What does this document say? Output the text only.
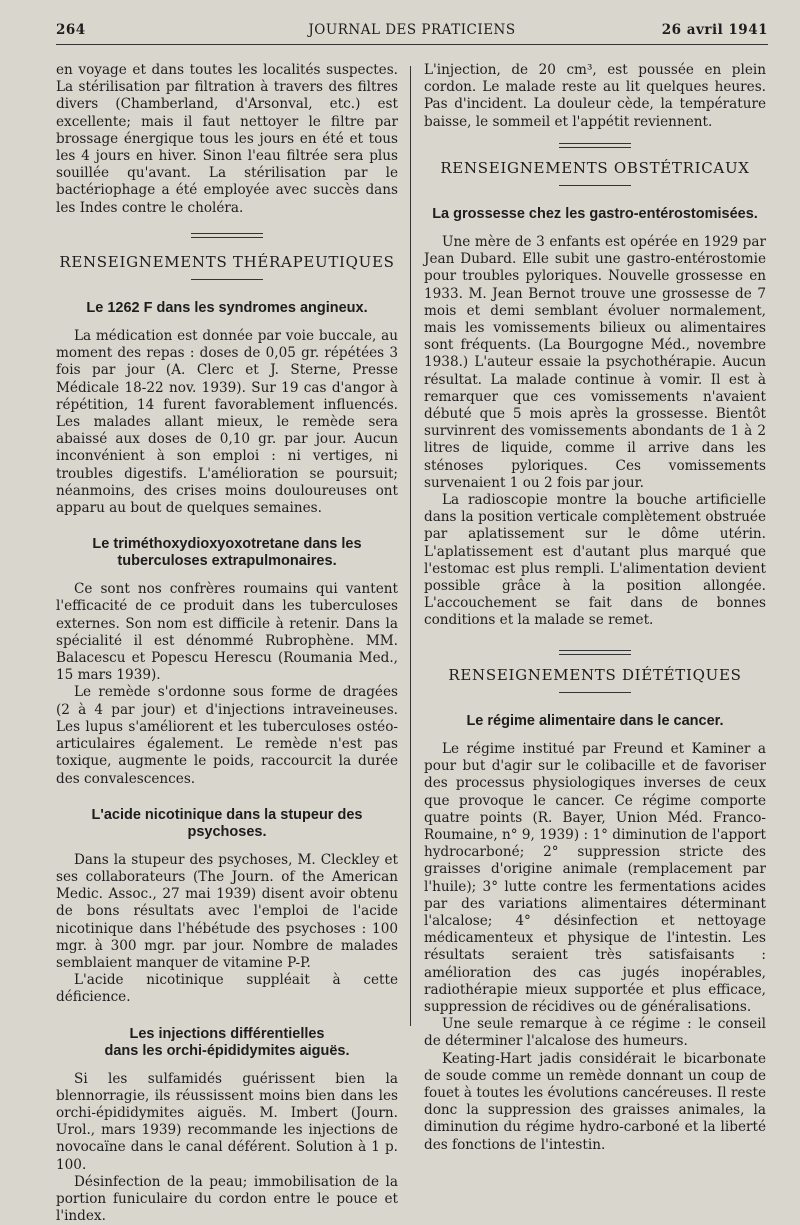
JOURNAL DES PRATICIENS
264	26 avril 1941

en voyage et dans toutes les localités suspectes. La stérilisation par filtration à travers des filtres divers (Chamberland, d'Arsonval, etc.) est excellente; mais il faut nettoyer le filtre par brossage énergique tous les jours en été et tous les 4 jours en hiver. Sinon l'eau filtrée sera plus souillée qu'avant. La stérilisation par le bactériophage a été employée avec succès dans les Indes contre le choléra.

RENSEIGNEMENTS THÉRAPEUTIQUES

Le 1262 F dans les syndromes angineux.

La médication est donnée par voie buccale, au moment des repas : doses de 0,05 gr. répétées 3 fois par jour (A. Clerc et J. Sterne, Presse Médicale 18-22 nov. 1939). Sur 19 cas d'angor à répétition, 14 furent favorablement influencés. Les malades allant mieux, le remède sera abaissé aux doses de 0,10 gr. par jour. Aucun inconvénient à son emploi : ni vertiges, ni troubles digestifs. L'amélioration se poursuit; néanmoins, des crises moins douloureuses ont apparu au bout de quelques semaines.

Le triméthoxydioxyoxotretane dans les tuberculoses extrapulmonaires.

Ce sont nos confrères roumains qui vantent l'efficacité de ce produit dans les tuberculoses externes. Son nom est difficile à retenir. Dans la spécialité il est dénommé Rubrophène. MM. Balacescu et Popescu Herescu (Roumania Med., 15 mars 1939).

Le remède s'ordonne sous forme de dragées (2 à 4 par jour) et d'injections intraveineuses. Les lupus s'améliorent et les tuberculoses ostéo-articulaires également. Le remède n'est pas toxique, augmente le poids, raccourcit la durée des convalescences.

L'acide nicotinique dans la stupeur des psychoses.

Dans la stupeur des psychoses, M. Cleckley et ses collaborateurs (The Journ. of the American Medic. Assoc., 27 mai 1939) disent avoir obtenu de bons résultats avec l'emploi de l'acide nicotinique dans l'hébétude des psychoses : 100 mgr. à 300 mgr. par jour. Nombre de malades semblaient manquer de vitamine P-P.

L'acide nicotinique suppléait à cette déficience.

Les injections différentielles

dans les orchi-épididymites aiguës.

Si les sulfamidés guérissent bien la blennorragie, ils réussissent moins bien dans les orchi-épididymites aiguës. M. Imbert (Journ. Urol., mars 1939) recommande les injections de novocaïne dans le canal déférent. Solution à 1 p. 100.

Désinfection de la peau; immobilisation de la portion funiculaire du cordon entre le pouce et l'index.

L'injection, de 20 cm³, est poussée en plein cordon. Le malade reste au lit quelques heures. Pas d'incident. La douleur cède, la température baisse, le sommeil et l'appétit reviennent.

RENSEIGNEMENTS OBSTÉTRICAUX

La grossesse chez les gastro-entérostomisées.

Une mère de 3 enfants est opérée en 1929 par Jean Dubard. Elle subit une gastro-entérostomie pour troubles pyloriques. Nouvelle grossesse en 1933. M. Jean Bernot trouve une grossesse de 7 mois et demi semblant évoluer normalement, mais les vomissements bilieux ou alimentaires sont fréquents. (La Bourgogne Méd., novembre 1938.) L'auteur essaie la psychothérapie. Aucun résultat. La malade continue à vomir. Il est à remarquer que ces vomissements n'avaient débuté que 5 mois après la grossesse. Bientôt survinrent des vomissements abondants de 1 à 2 litres de liquide, comme il arrive dans les sténoses pyloriques. Ces vomissements survenaient 1 ou 2 fois par jour.

La radioscopie montre la bouche artificielle dans la position verticale complètement obstruée par aplatissement sur le dôme utérin. L'aplatissement est d'autant plus marqué que l'estomac est plus rempli. L'alimentation devient possible grâce à la position allongée. L'accouchement se fait dans de bonnes conditions et la malade se remet.

RENSEIGNEMENTS DIÉTÉTIQUES

Le régime alimentaire dans le cancer.

Le régime institué par Freund et Kaminer a pour but d'agir sur le colibacille et de favoriser des processus physiologiques inverses de ceux que provoque le cancer. Ce régime comporte quatre points (R. Bayer, Union Méd. Franco-Roumaine, n° 9, 1939) : 1° diminution de l'apport hydrocarboné; 2° suppression stricte des graisses d'origine animale (remplacement par l'huile); 3° lutte contre les fermentations acides par des variations alimentaires déterminant l'alcalose; 4° désinfection et nettoyage médicamenteux et physique de l'intestin. Les résultats seraient très satisfaisants : amélioration des cas jugés inopérables, radiothérapie mieux supportée et plus efficace, suppression de récidives ou de généralisations.

Une seule remarque à ce régime : le conseil de déterminer l'alcalose des humeurs.

Keating-Hart jadis considérait le bicarbonate de soude comme un remède donnant un coup de fouet à toutes les évolutions cancéreuses. Il reste donc la suppression des graisses animales, la diminution du régime hydro-carboné et la liberté des fonctions de l'intestin.
